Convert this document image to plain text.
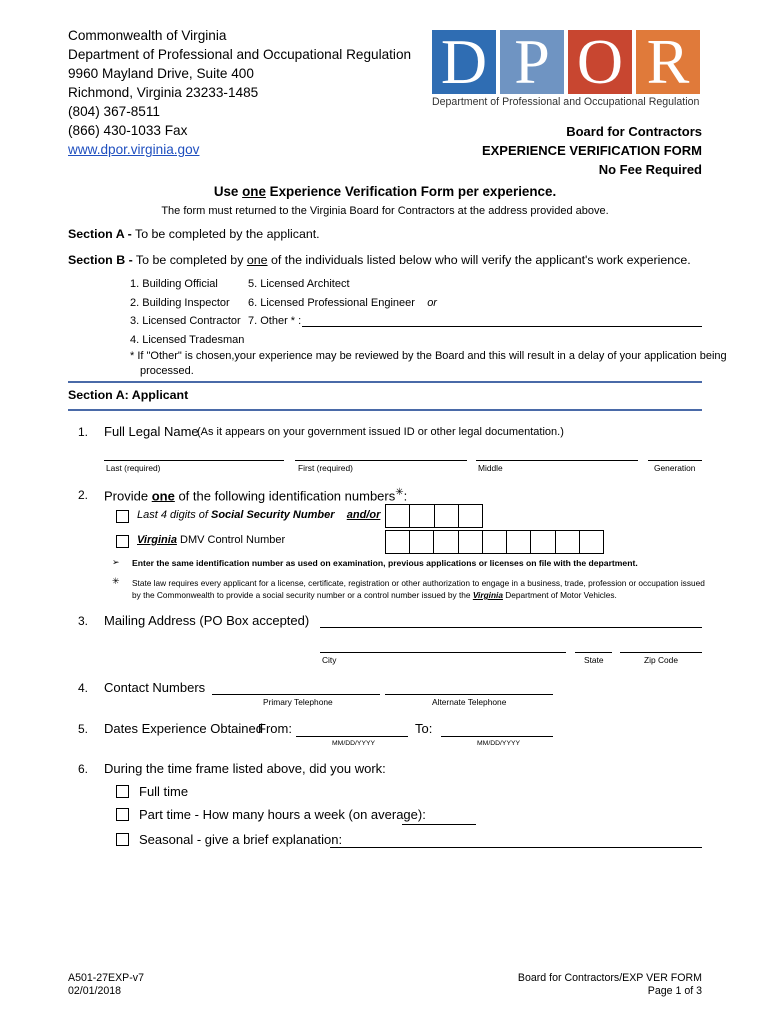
Commonwealth of Virginia
Department of Professional and Occupational Regulation
9960 Mayland Drive, Suite 400
Richmond, Virginia 23233-1485
(804) 367-8511
(866) 430-1033 Fax
www.dpor.virginia.gov
D P O R
Department of Professional and Occupational Regulation
Board for Contractors
EXPERIENCE VERIFICATION FORM
No Fee Required
Use one Experience Verification Form per experience.
The form must returned to the Virginia Board for Contractors at the address provided above.
Section A - To be completed by the applicant.
Section B - To be completed by one of the individuals listed below who will verify the applicant's work experience.
1. Building Official
2. Building Inspector
3. Licensed Contractor
4. Licensed Tradesman
5. Licensed Architect
6. Licensed Professional Engineer or
7. Other * :
* If "Other" is chosen,your experience may be reviewed by the Board and this will result in a delay of your application being
processed.
Section A: Applicant
1. Full Legal Name
(As it appears on your government issued ID or other legal documentation.)
Last (required)	First (required)	Middle	Generation
2. Provide one of the following identification numbers✳:
Last 4 digits of Social Security Number and/or
Virginia DMV Control Number
➢ Enter the same identification number as used on examination, previous applications or licenses on file with the department.
✳ State law requires every applicant for a license, certificate, registration or other authorization to engage in a business, trade, profession or occupation issued
by the Commonwealth to provide a social security number or a control number issued by the Virginia Department of Motor Vehicles.
3. Mailing Address (PO Box accepted)
City	State	Zip Code
4. Contact Numbers
Primary Telephone	Alternate Telephone
5. Dates Experience Obtained
From:	To:
MM/DD/YYYY	MM/DD/YYYY
6. During the time frame listed above, did you work:
Full time
Part time - How many hours a week (on average):
Seasonal - give a brief explanation:
A501-27EXP-v7
02/01/2018
Board for Contractors/EXP VER FORM
Page 1 of 3
